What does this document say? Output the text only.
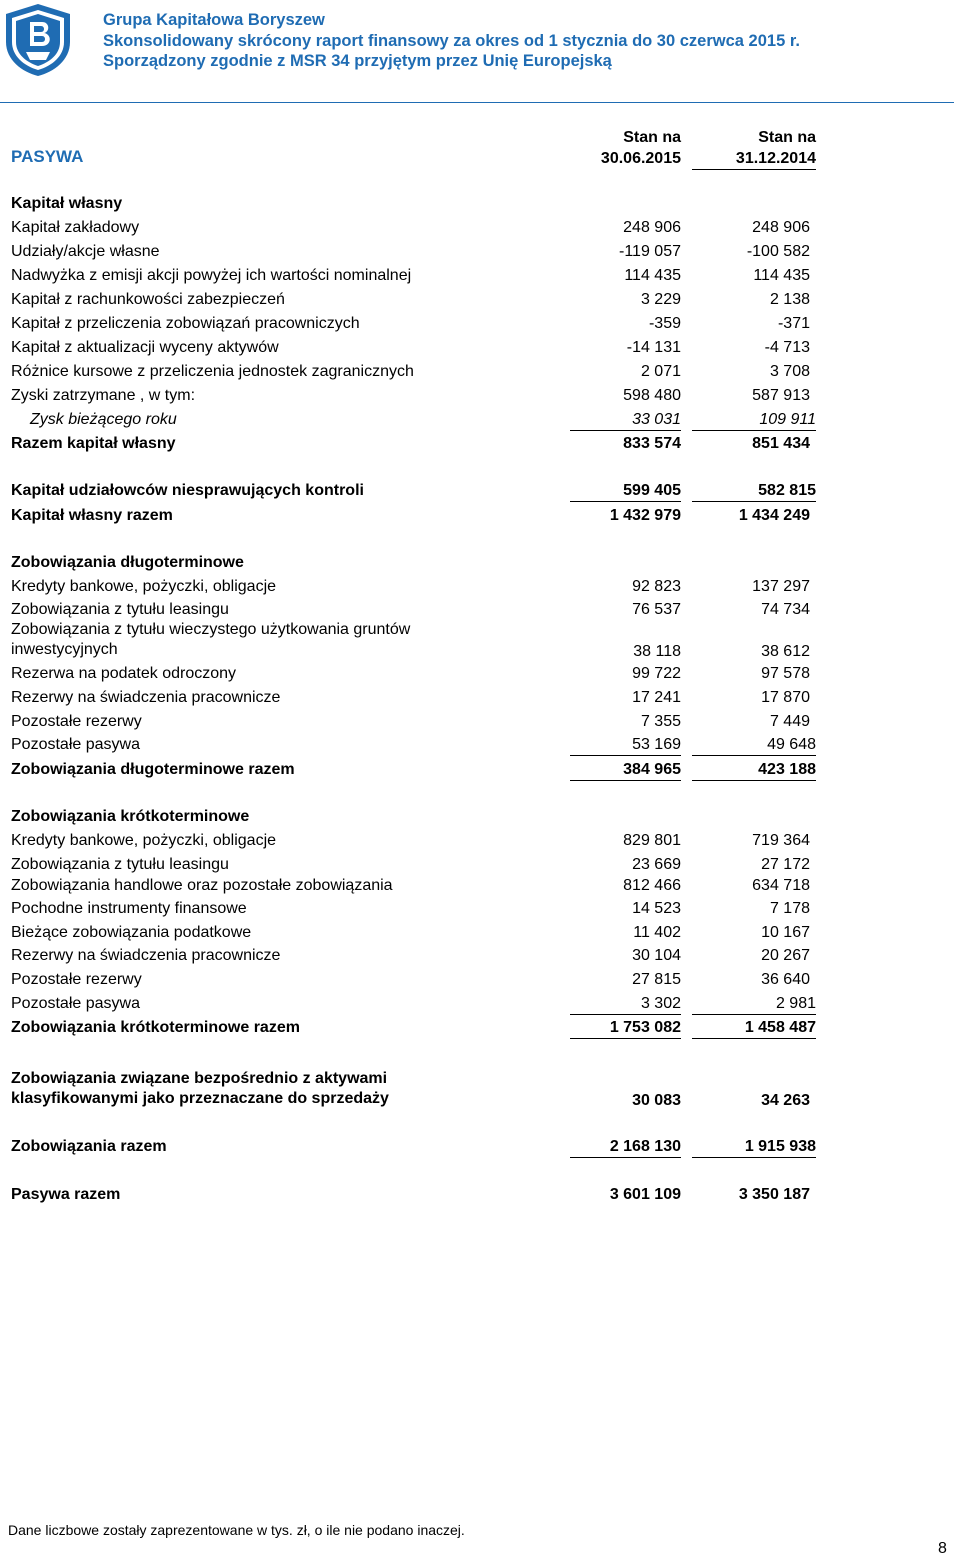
Grupa Kapitałowa Boryszew
Skonsolidowany skrócony raport finansowy za okres od 1 stycznia do 30 czerwca 2015 r.
Sporządzony zgodnie z MSR 34 przyjętym przez Unię Europejską
PASYWA
Stan na
30.06.2015
Stan na
31.12.2014
Kapitał własny
Kapitał zakładowy	248 906	248 906
Udziały/akcje własne	-119 057	-100 582
Nadwyżka z emisji akcji powyżej ich wartości nominalnej	114 435	114 435
Kapitał z rachunkowości zabezpieczeń	3 229	2 138
Kapitał z przeliczenia zobowiązań pracowniczych	-359	-371
Kapitał z aktualizacji wyceny aktywów	-14 131	-4 713
Różnice kursowe z przeliczenia jednostek zagranicznych	2 071	3 708
Zyski zatrzymane , w tym:	598 480	587 913
Zysk bieżącego roku	33 031	109 911
Razem kapitał własny	833 574	851 434
Kapitał udziałowców niesprawujących kontroli	599 405	582 815
Kapitał własny razem	1 432 979	1 434 249
Zobowiązania długoterminowe
Kredyty bankowe, pożyczki, obligacje	92 823	137 297
Zobowiązania z tytułu leasingu	76 537	74 734
Zobowiązania z tytułu wieczystego użytkowania gruntów inwestycyjnych	38 118	38 612
Rezerwa na podatek odroczony	99 722	97 578
Rezerwy na świadczenia pracownicze	17 241	17 870
Pozostałe rezerwy	7 355	7 449
Pozostałe pasywa	53 169	49 648
Zobowiązania długoterminowe razem	384 965	423 188
Zobowiązania krótkoterminowe
Kredyty bankowe, pożyczki, obligacje	829 801	719 364
Zobowiązania z tytułu leasingu	23 669	27 172
Zobowiązania handlowe oraz pozostałe zobowiązania	812 466	634 718
Pochodne instrumenty finansowe	14 523	7 178
Bieżące zobowiązania podatkowe	11 402	10 167
Rezerwy na świadczenia pracownicze	30 104	20 267
Pozostałe rezerwy	27 815	36 640
Pozostałe pasywa	3 302	2 981
Zobowiązania krótkoterminowe razem	1 753 082	1 458 487
Zobowiązania związane bezpośrednio z aktywami klasyfikowanymi jako przeznaczane do sprzedaży	30 083	34 263
Zobowiązania razem	2 168 130	1 915 938
Pasywa razem	3 601 109	3 350 187
Dane liczbowe zostały zaprezentowane w tys. zł, o ile nie podano inaczej.
8
